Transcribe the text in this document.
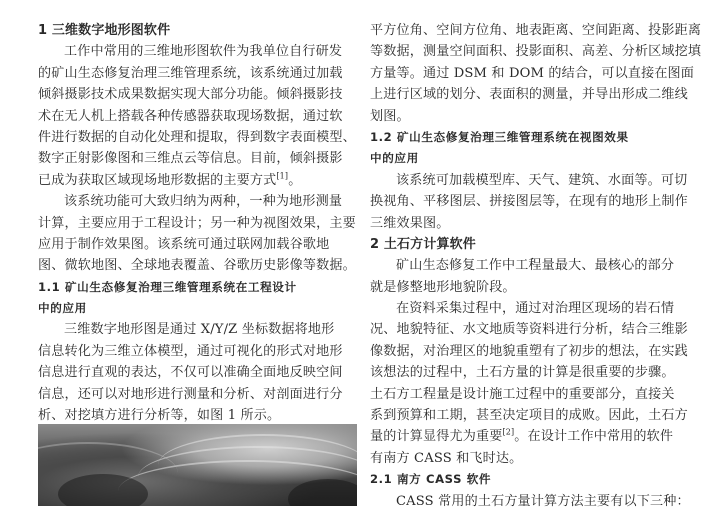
1 三维数字地形图软件
工作中常用的三维地形图软件为我单位自行研发
的矿山生态修复治理三维管理系统，该系统通过加载
倾斜摄影技术成果数据实现大部分功能。倾斜摄影技
术在无人机上搭载各种传感器获取现场数据，通过软
件进行数据的自动化处理和提取，得到数字表面模型、
数字正射影像图和三维点云等信息。目前，倾斜摄影
已成为获取区域现场地形数据的主要方式[1]。
该系统功能可大致归纳为两种，一种为地形测量
计算，主要应用于工程设计；另一种为视图效果，主要
应用于制作效果图。该系统可通过联网加载谷歌地
图、微软地图、全球地表覆盖、谷歌历史影像等数据。
1.1 矿山生态修复治理三维管理系统在工程设计
中的应用
三维数字地形图是通过 X/Y/Z 坐标数据将地形
信息转化为三维立体模型，通过可视化的形式对地形
信息进行直观的表达，不仅可以准确全面地反映空间
信息，还可以对地形进行测量和分析、对剖面进行分
析、对挖填方进行分析等，如图 1 所示。
平方位角、空间方位角、地表距离、空间距离、投影距离
等数据，测量空间面积、投影面积、高差、分析区域挖填
方量等。通过 DSM 和 DOM 的结合，可以直接在图面
上进行区域的划分、表面积的测量，并导出形成二维线
划图。
1.2 矿山生态修复治理三维管理系统在视图效果
中的应用
该系统可加载模型库、天气、建筑、水面等。可切
换视角、平移图层、拼接图层等，在现有的地形上制作
三维效果图。
2 土石方计算软件
矿山生态修复工作中工程量最大、最核心的部分
就是修整地形地貌阶段。
在资料采集过程中，通过对治理区现场的岩石情
况、地貌特征、水文地质等资料进行分析，结合三维影
像数据，对治理区的地貌重塑有了初步的想法，在实践
该想法的过程中，土石方量的计算是很重要的步骤。
土石方工程量是设计施工过程中的重要部分，直接关
系到预算和工期，甚至决定项目的成败。因此，土石方
量的计算显得尤为重要[2]。在设计工作中常用的软件
有南方 CASS 和飞时达。
2.1 南方 CASS 软件
CASS 常用的土石方量计算方法主要有以下三种：
